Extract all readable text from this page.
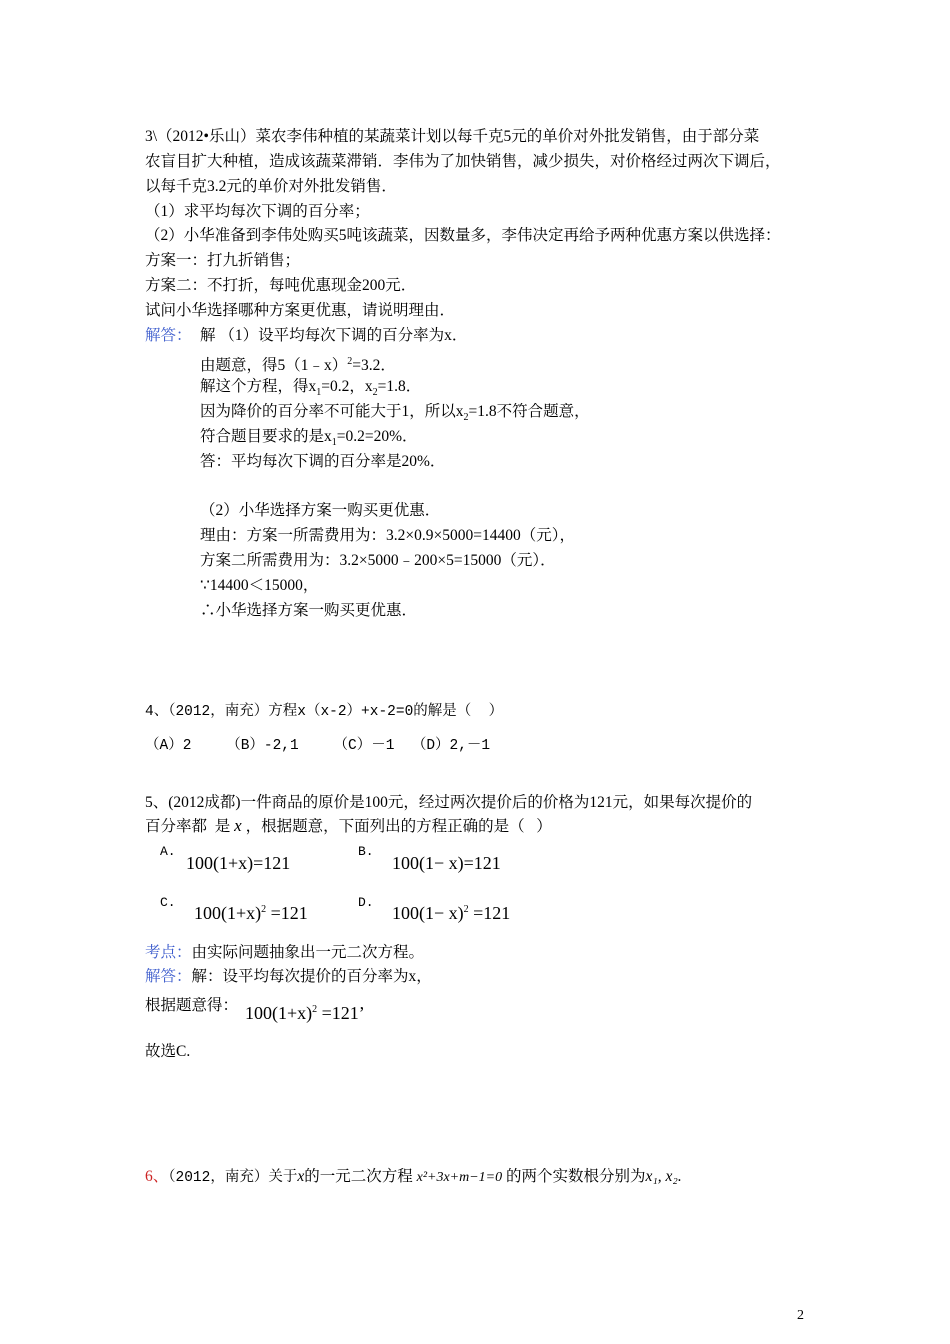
3\（2012•乐山）菜农李伟种植的某蔬菜计划以每千克5元的单价对外批发销售，由于部分菜
农盲目扩大种植，造成该蔬菜滞销．李伟为了加快销售，减少损失，对价格经过两次下调后，
以每千克3.2元的单价对外批发销售．
（1）求平均每次下调的百分率；
（2）小华准备到李伟处购买5吨该蔬菜，因数量多，李伟决定再给予两种优惠方案以供选择：
方案一：打九折销售；
方案二：不打折，每吨优惠现金200元．
试问小华选择哪种方案更优惠，请说明理由．
解答： 解 （1）设平均每次下调的百分率为x．
由题意，得5（1﹣x）$^2$=3.2．
解这个方程，得$x_1=0.2$，$x_2=1.8$．
因为降价的百分率不可能大于1，所以$x_2=1.8$不符合题意，
符合题目要求的是$x_1=0.2=20\%$．
答：平均每次下调的百分率是20%．
（2）小华选择方案一购买更优惠．
理由：方案一所需费用为：3.2×0.9×5000=14400（元），
方案二所需费用为：3.2×5000﹣200×5=15000（元）．
∵14400＜15000，
∴小华选择方案一购买更优惠．
4、（2012，南充）方程x（x-2）+x-2=0的解是（  ）
（A）2    （B）-2,1    （C）－1  （D）2,－1
5、(2012成都)一件商品的原价是100元，经过两次提价后的价格为121元，如果每次提价的
百分率都  是 x ，根据题意，下面列出的方程正确的是（   ）
A.
100(1+x)=121
B.
100(1− x)=121
C.
$100(1+x)^2 =121$
D.
$100(1- x)^2 =121$
考点：由实际问题抽象出一元二次方程。
解答：解：设平均每次提价的百分率为x，
根据题意得： $100(1+x)^2 =121$’
故选C.
6、（2012，南充）关于x的一元二次方程 x²+3x+m−1=0 的两个实数根分别为x₁, x₂.
2
